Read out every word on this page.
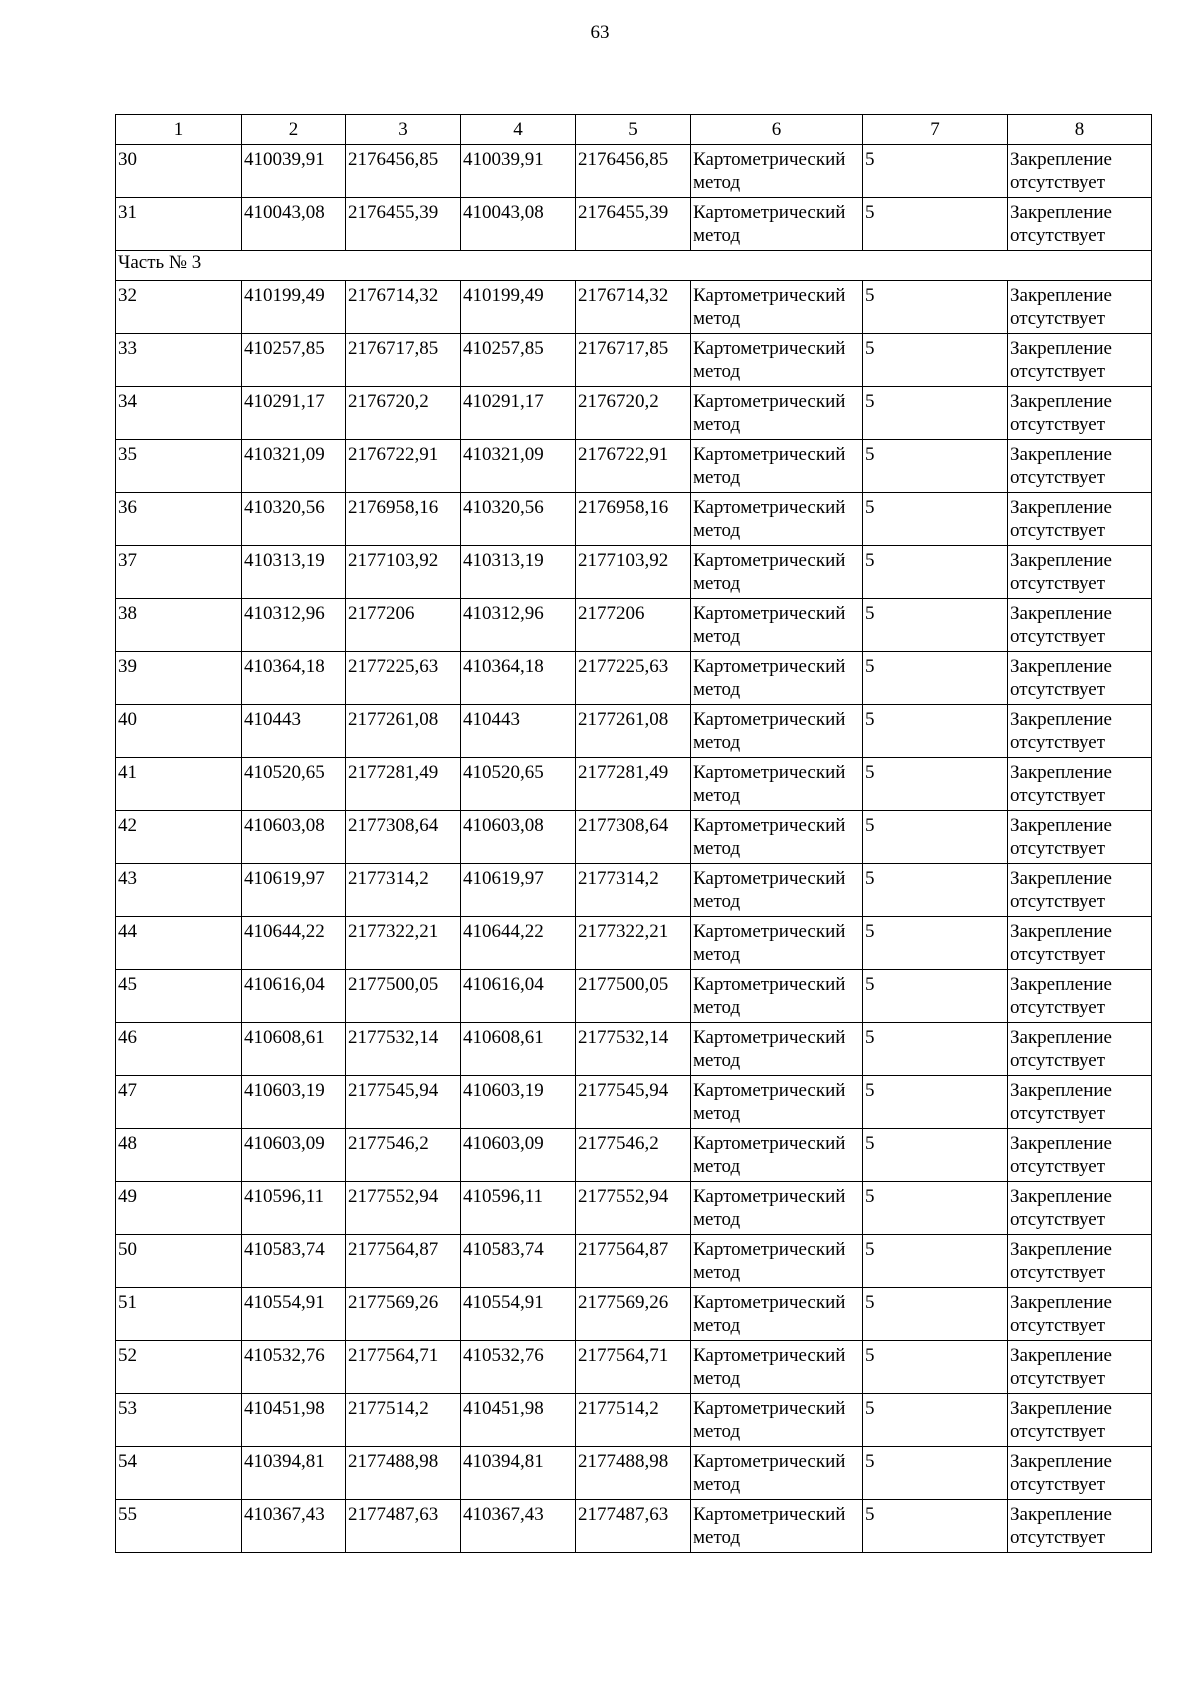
63
1	2	3	4	5	6	7	8
30	410039,91	2176456,85	410039,91	2176456,85	Картометрический метод	5	Закрепление отсутствует
31	410043,08	2176455,39	410043,08	2176455,39	Картометрический метод	5	Закрепление отсутствует
Часть № 3							
32	410199,49	2176714,32	410199,49	2176714,32	Картометрический метод	5	Закрепление отсутствует
33	410257,85	2176717,85	410257,85	2176717,85	Картометрический метод	5	Закрепление отсутствует
34	410291,17	2176720,2	410291,17	2176720,2	Картометрический метод	5	Закрепление отсутствует
35	410321,09	2176722,91	410321,09	2176722,91	Картометрический метод	5	Закрепление отсутствует
36	410320,56	2176958,16	410320,56	2176958,16	Картометрический метод	5	Закрепление отсутствует
37	410313,19	2177103,92	410313,19	2177103,92	Картометрический метод	5	Закрепление отсутствует
38	410312,96	2177206	410312,96	2177206	Картометрический метод	5	Закрепление отсутствует
39	410364,18	2177225,63	410364,18	2177225,63	Картометрический метод	5	Закрепление отсутствует
40	410443	2177261,08	410443	2177261,08	Картометрический метод	5	Закрепление отсутствует
41	410520,65	2177281,49	410520,65	2177281,49	Картометрический метод	5	Закрепление отсутствует
42	410603,08	2177308,64	410603,08	2177308,64	Картометрический метод	5	Закрепление отсутствует
43	410619,97	2177314,2	410619,97	2177314,2	Картометрический метод	5	Закрепление отсутствует
44	410644,22	2177322,21	410644,22	2177322,21	Картометрический метод	5	Закрепление отсутствует
45	410616,04	2177500,05	410616,04	2177500,05	Картометрический метод	5	Закрепление отсутствует
46	410608,61	2177532,14	410608,61	2177532,14	Картометрический метод	5	Закрепление отсутствует
47	410603,19	2177545,94	410603,19	2177545,94	Картометрический метод	5	Закрепление отсутствует
48	410603,09	2177546,2	410603,09	2177546,2	Картометрический метод	5	Закрепление отсутствует
49	410596,11	2177552,94	410596,11	2177552,94	Картометрический метод	5	Закрепление отсутствует
50	410583,74	2177564,87	410583,74	2177564,87	Картометрический метод	5	Закрепление отсутствует
51	410554,91	2177569,26	410554,91	2177569,26	Картометрический метод	5	Закрепление отсутствует
52	410532,76	2177564,71	410532,76	2177564,71	Картометрический метод	5	Закрепление отсутствует
53	410451,98	2177514,2	410451,98	2177514,2	Картометрический метод	5	Закрепление отсутствует
54	410394,81	2177488,98	410394,81	2177488,98	Картометрический метод	5	Закрепление отсутствует
55	410367,43	2177487,63	410367,43	2177487,63	Картометрический метод	5	Закрепление отсутствует
